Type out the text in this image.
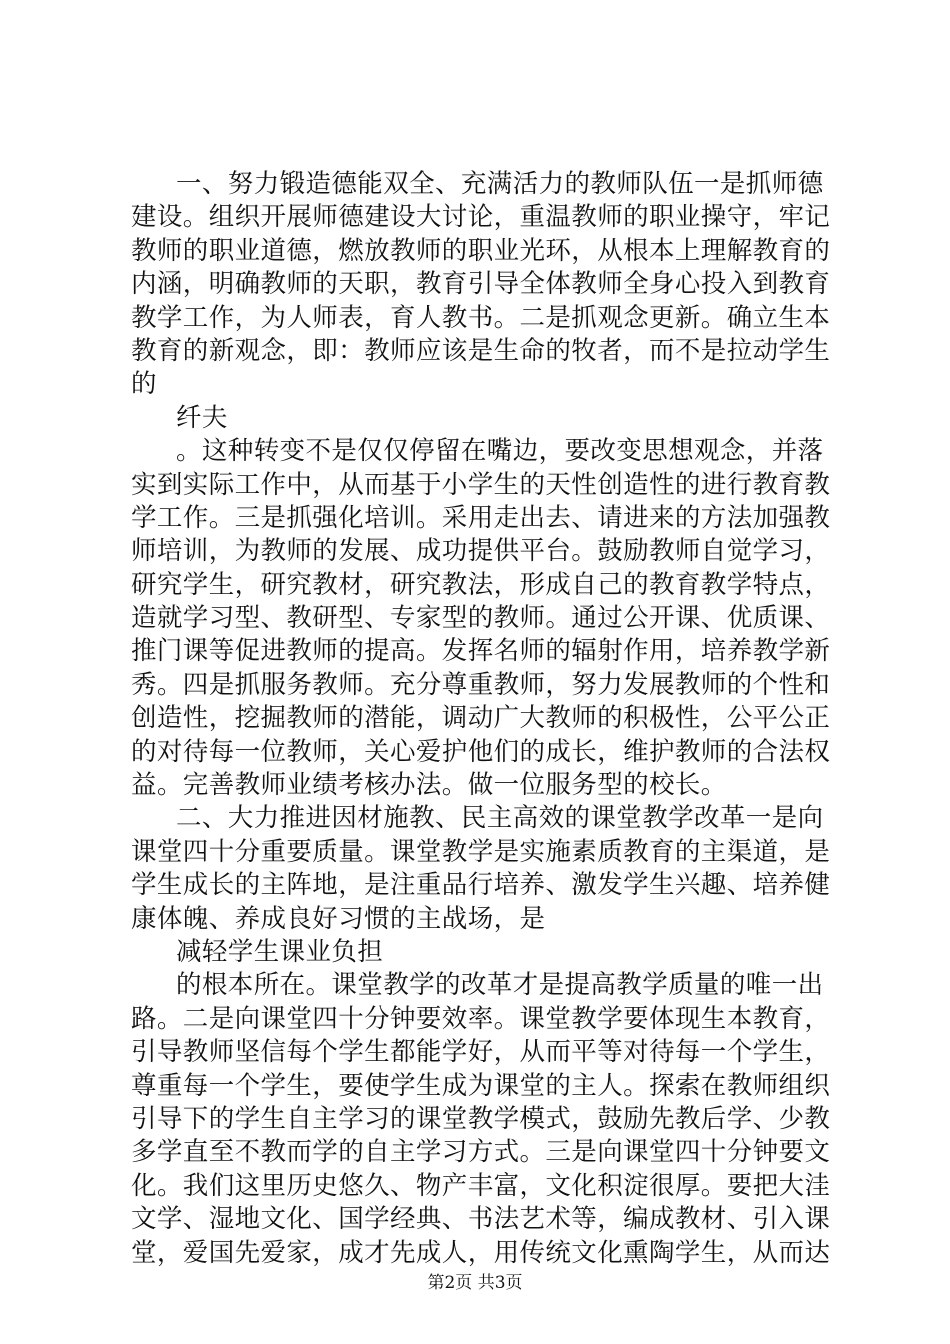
一、努力锻造德能双全、充满活力的教师队伍一是抓师德
建设。组织开展师德建设大讨论，重温教师的职业操守，牢记
教师的职业道德，燃放教师的职业光环，从根本上理解教育的
内涵，明确教师的天职，教育引导全体教师全身心投入到教育
教学工作，为人师表，育人教书。二是抓观念更新。确立生本
教育的新观念，即：教师应该是生命的牧者，而不是拉动学生
的
纤夫
。这种转变不是仅仅停留在嘴边，要改变思想观念，并落
实到实际工作中，从而基于小学生的天性创造性的进行教育教
学工作。三是抓强化培训。采用走出去、请进来的方法加强教
师培训，为教师的发展、成功提供平台。鼓励教师自觉学习，
研究学生，研究教材，研究教法，形成自己的教育教学特点，
造就学习型、教研型、专家型的教师。通过公开课、优质课、
推门课等促进教师的提高。发挥名师的辐射作用，培养教学新
秀。四是抓服务教师。充分尊重教师，努力发展教师的个性和
创造性，挖掘教师的潜能，调动广大教师的积极性，公平公正
的对待每一位教师，关心爱护他们的成长，维护教师的合法权
益。完善教师业绩考核办法。做一位服务型的校长。
二、大力推进因材施教、民主高效的课堂教学改革一是向
课堂四十分重要质量。课堂教学是实施素质教育的主渠道，是
学生成长的主阵地，是注重品行培养、激发学生兴趣、培养健
康体魄、养成良好习惯的主战场，是
减轻学生课业负担
的根本所在。课堂教学的改革才是提高教学质量的唯一出
路。二是向课堂四十分钟要效率。课堂教学要体现生本教育，
引导教师坚信每个学生都能学好，从而平等对待每一个学生，
尊重每一个学生，要使学生成为课堂的主人。探索在教师组织
引导下的学生自主学习的课堂教学模式，鼓励先教后学、少教
多学直至不教而学的自主学习方式。三是向课堂四十分钟要文
化。我们这里历史悠久、物产丰富，文化积淀很厚。要把大洼
文学、湿地文化、国学经典、书法艺术等，编成教材、引入课
堂，爱国先爱家，成才先成人，用传统文化熏陶学生，从而达
第2页 共3页
